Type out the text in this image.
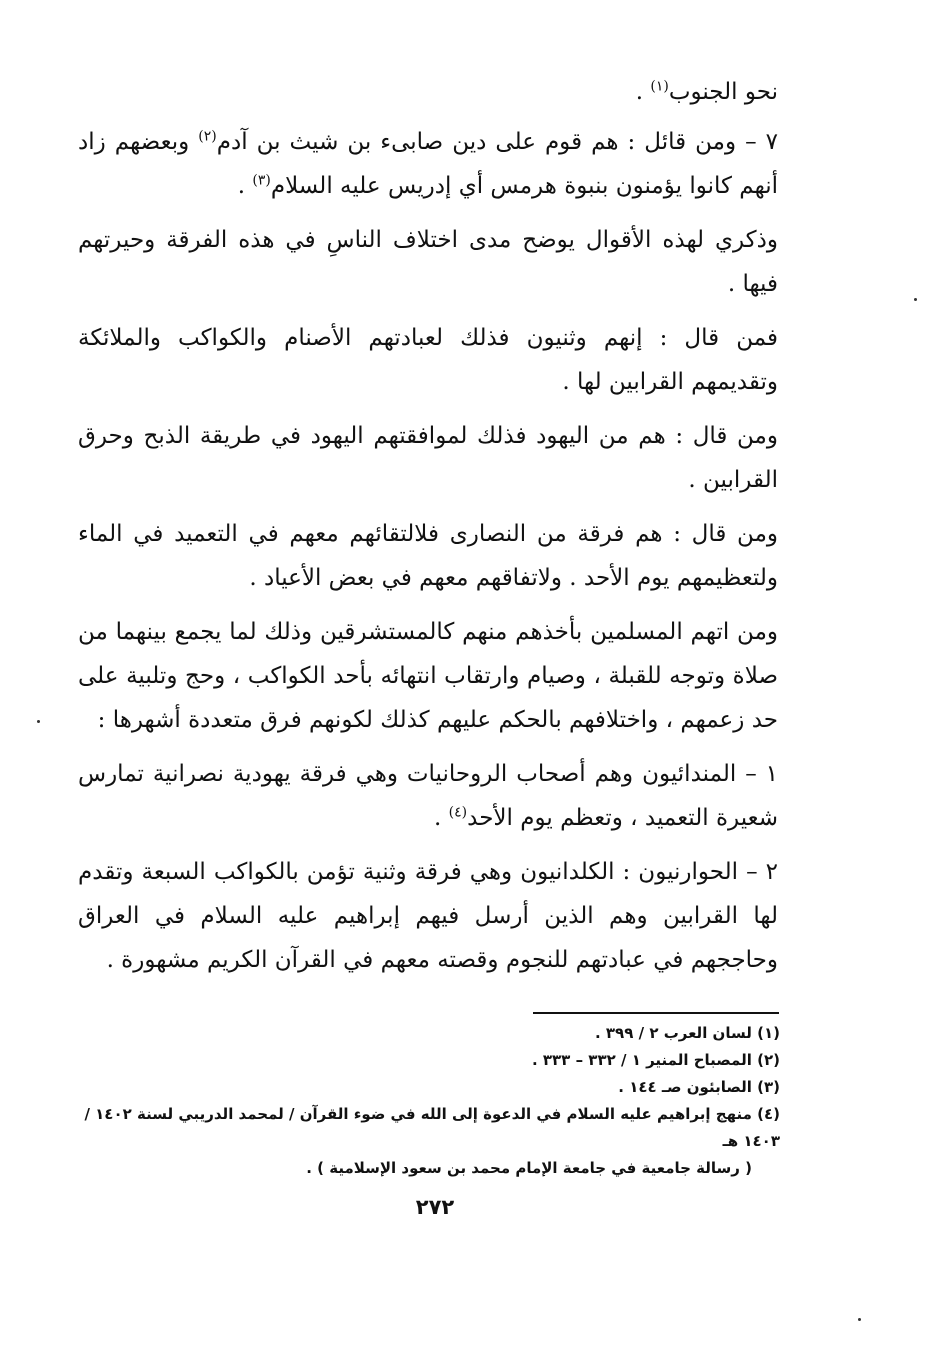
نحو الجنوب$^{(١)}$ .

٧ – ومن قائل : هم قوم على دين صابىء بن شيث بن آدم$^{(٢)}$ وبعضهم زاد أنهم كانوا يؤمنون بنبوة هرمس أي إدريس عليه السلام$^{(٣)}$ .

وذكري لهذه الأقوال يوضح مدى اختلاف الناسِ في هذه الفرقة وحيرتهم فيها .

فمن قال : إنهم وثنيون فذلك لعبادتهم الأصنام والكواكب والملائكة وتقديمهم القرابين لها .

ومن قال : هم من اليهود فذلك لموافقتهم اليهود في طريقة الذبح وحرق القرابين .

ومن قال : هم فرقة من النصارى فلالتقائهم معهم في التعميد في الماء ولتعظيمهم يوم الأحد . ولاتفاقهم معهم في بعض الأعياد .

ومن اتهم المسلمين بأخذهم منهم كالمستشرقين وذلك لما يجمع بينهما من صلاة وتوجه للقبلة ، وصيام وارتقاب انتهائه بأحد الكواكب ، وحج وتلبية على حد زعمهم ، واختلافهم بالحكم عليهم كذلك لكونهم فرق متعددة أشهرها :

١ – المندائيون وهم أصحاب الروحانيات وهي فرقة يهودية نصرانية تمارس شعيرة التعميد ، وتعظم يوم الأحد$^{(٤)}$ .

٢ – الحوارنيون : الكلدانيون وهي فرقة وثنية تؤمن بالكواكب السبعة وتقدم لها القرابين وهم الذين أرسل فيهم إبراهيم عليه السلام في العراق وحاججهم في عبادتهم للنجوم وقصته معهم في القرآن الكريم مشهورة .

(١) لسان العرب ٢ / ٣٩٩ .
(٢) المصباح المنير ١ / ٣٣٢ – ٣٣٣ .
(٣) الصابئون صـ ١٤٤ .
(٤) منهج إبراهيم عليه السلام في الدعوة إلى الله في ضوء القرآن / لمحمد الدريبي لسنة ١٤٠٢ / ١٤٠٣ هـ
( رسالة جامعية في جامعة الإمام محمد بن سعود الإسلامية ) .
٢٧٢
